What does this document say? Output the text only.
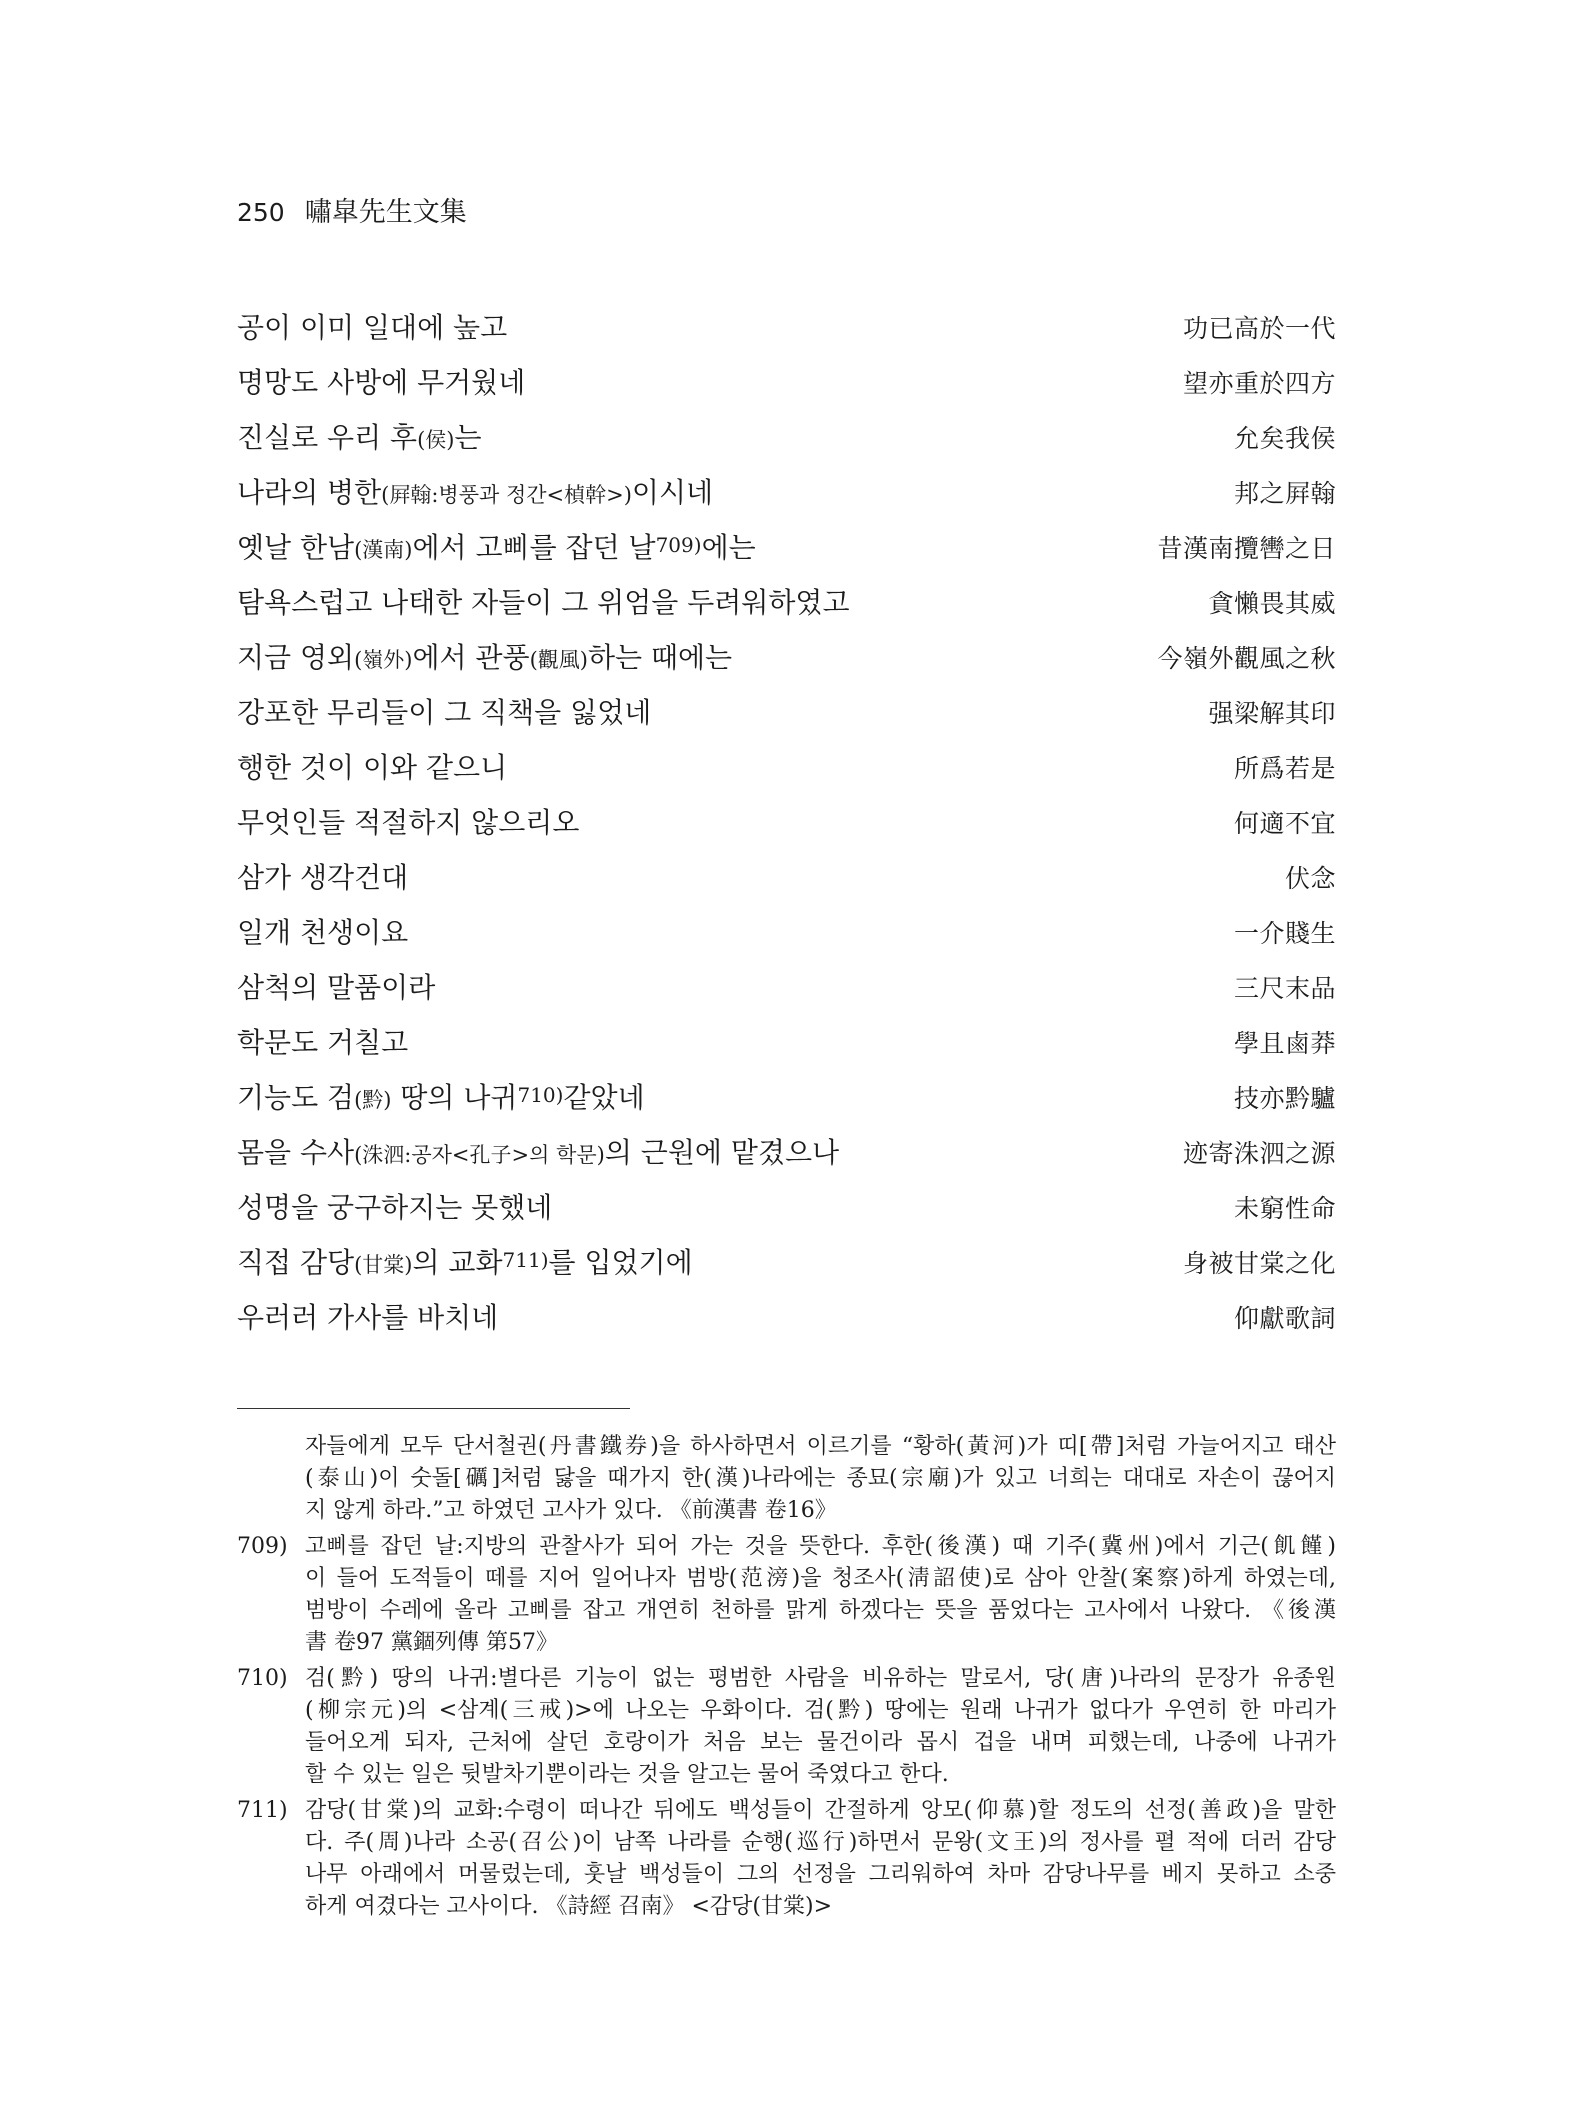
250 嘯皐先生文集
공이 이미 일대에 높고	功已高於一代
명망도 사방에 무거웠네	望亦重於四方
진실로 우리 후(侯)는	允矣我侯
나라의 병한(屛翰:병풍과 정간<楨幹>)이시네	邦之屛翰
옛날 한남(漢南)에서 고삐를 잡던 날709)에는	昔漢南攬轡之日
탐욕스럽고 나태한 자들이 그 위엄을 두려워하였고	貪懶畏其威
지금 영외(嶺外)에서 관풍(觀風)하는 때에는	今嶺外觀風之秋
강포한 무리들이 그 직책을 잃었네	强梁解其印
행한 것이 이와 같으니	所爲若是
무엇인들 적절하지 않으리오	何適不宜
삼가 생각건대	伏念
일개 천생이요	一介賤生
삼척의 말품이라	三尺末品
학문도 거칠고	學且鹵莽
기능도 검(黔) 땅의 나귀710)같았네	技亦黔驢
몸을 수사(洙泗:공자<孔子>의 학문)의 근원에 맡겼으나	迹寄洙泗之源
성명을 궁구하지는 못했네	未窮性命
직접 감당(甘棠)의 교화711)를 입었기에	身被甘棠之化
우러러 가사를 바치네	仰獻歌詞
자들에게 모두 단서철권(丹書鐵券)을 하사하면서 이르기를 “황하(黃河)가 띠[帶]처럼 가늘어지고 태산
(泰山)이 숫돌[礪]처럼 닳을 때가지 한(漢)나라에는 종묘(宗廟)가 있고 너희는 대대로 자손이 끊어지
지 않게 하라.”고 하였던 고사가 있다. 《前漢書 卷16》
709) 고삐를 잡던 날:지방의 관찰사가 되어 가는 것을 뜻한다. 후한(後漢) 때 기주(冀州)에서 기근(飢饉)
이 들어 도적들이 떼를 지어 일어나자 범방(范滂)을 청조사(淸詔使)로 삼아 안찰(案察)하게 하였는데,
범방이 수레에 올라 고삐를 잡고 개연히 천하를 맑게 하겠다는 뜻을 품었다는 고사에서 나왔다. 《後漢
書 卷97 黨錮列傳 第57》
710) 검(黔) 땅의 나귀:별다른 기능이 없는 평범한 사람을 비유하는 말로서, 당(唐)나라의 문장가 유종원
(柳宗元)의 <삼계(三戒)>에 나오는 우화이다. 검(黔) 땅에는 원래 나귀가 없다가 우연히 한 마리가
들어오게 되자, 근처에 살던 호랑이가 처음 보는 물건이라 몹시 겁을 내며 피했는데, 나중에 나귀가
할 수 있는 일은 뒷발차기뿐이라는 것을 알고는 물어 죽였다고 한다.
711) 감당(甘棠)의 교화:수령이 떠나간 뒤에도 백성들이 간절하게 앙모(仰慕)할 정도의 선정(善政)을 말한
다. 주(周)나라 소공(召公)이 남쪽 나라를 순행(巡行)하면서 문왕(文王)의 정사를 펼 적에 더러 감당
나무 아래에서 머물렀는데, 훗날 백성들이 그의 선정을 그리워하여 차마 감당나무를 베지 못하고 소중
하게 여겼다는 고사이다. 《詩經 召南》 <감당(甘棠)>
